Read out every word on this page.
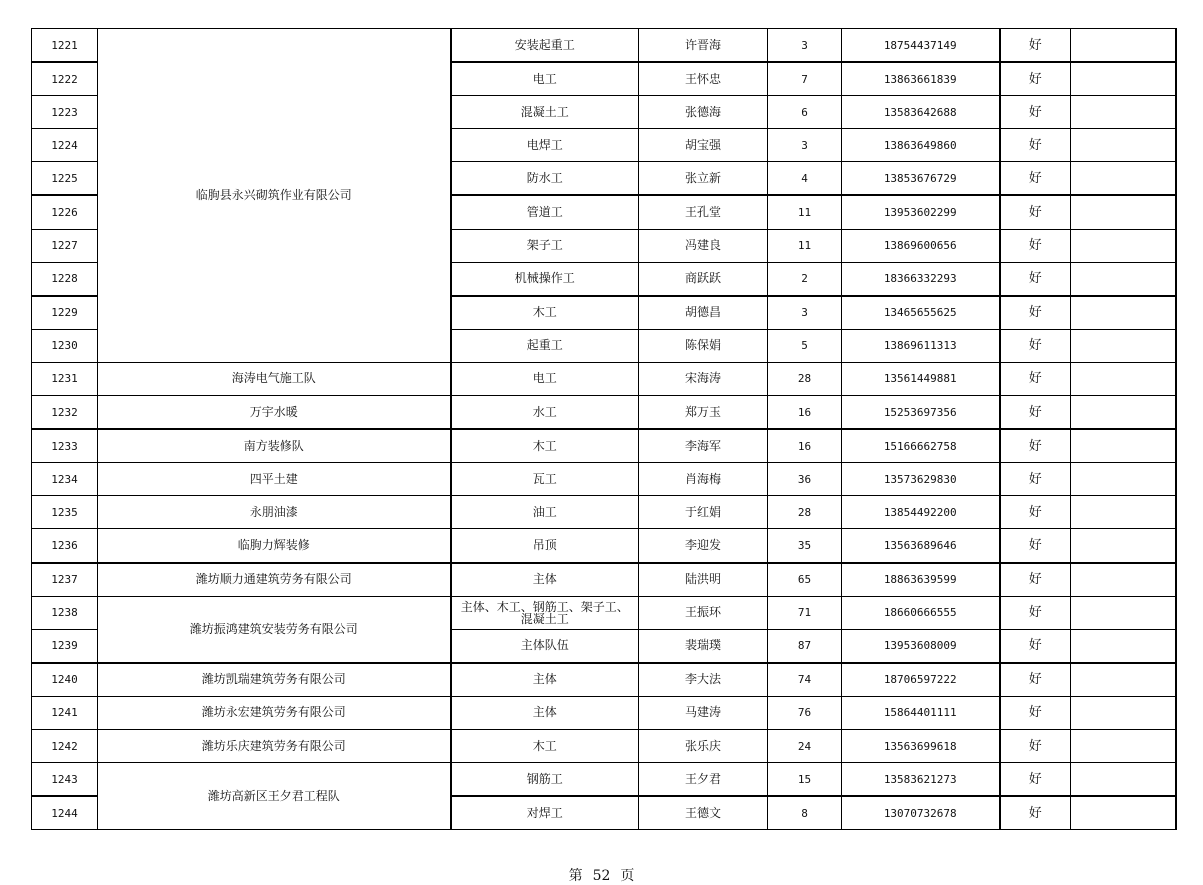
1221	临朐县永兴砌筑作业有限公司	安装起重工	许晋海	3	18754437149	好	
1222		电工	王怀忠	7	13863661839	好	
1223		混凝土工	张德海	6	13583642688	好	
1224		电焊工	胡宝强	3	13863649860	好	
1225		防水工	张立新	4	13853676729	好	
1226		管道工	王孔堂	11	13953602299	好	
1227		架子工	冯建良	11	13869600656	好	
1228		机械操作工	商跃跃	2	18366332293	好	
1229		木工	胡德昌	3	13465655625	好	
1230		起重工	陈保娟	5	13869611313	好	
1231	海涛电气施工队	电工	宋海涛	28	13561449881	好	
1232	万宇水暖	水工	郑万玉	16	15253697356	好	
1233	南方装修队	木工	李海军	16	15166662758	好	
1234	四平土建	瓦工	肖海梅	36	13573629830	好	
1235	永朋油漆	油工	于红娟	28	13854492200	好	
1236	临朐力辉装修	吊顶	李迎发	35	13563689646	好	
1237	潍坊顺力通建筑劳务有限公司	主体	陆洪明	65	18863639599	好	
1238	潍坊振鸿建筑安装劳务有限公司	主体、木工、钢筋工、架子工、混凝土工	王振环	71	18660666555	好	
1239		主体队伍	裴瑞璞	87	13953608009	好	
1240	潍坊凯瑞建筑劳务有限公司	主体	李大法	74	18706597222	好	
1241	潍坊永宏建筑劳务有限公司	主体	马建涛	76	15864401111	好	
1242	潍坊乐庆建筑劳务有限公司	木工	张乐庆	24	13563699618	好	
1243	潍坊高新区王夕君工程队	钢筋工	王夕君	15	13583621273	好	
1244		对焊工	王德文	8	13070732678	好	
第 52 页
